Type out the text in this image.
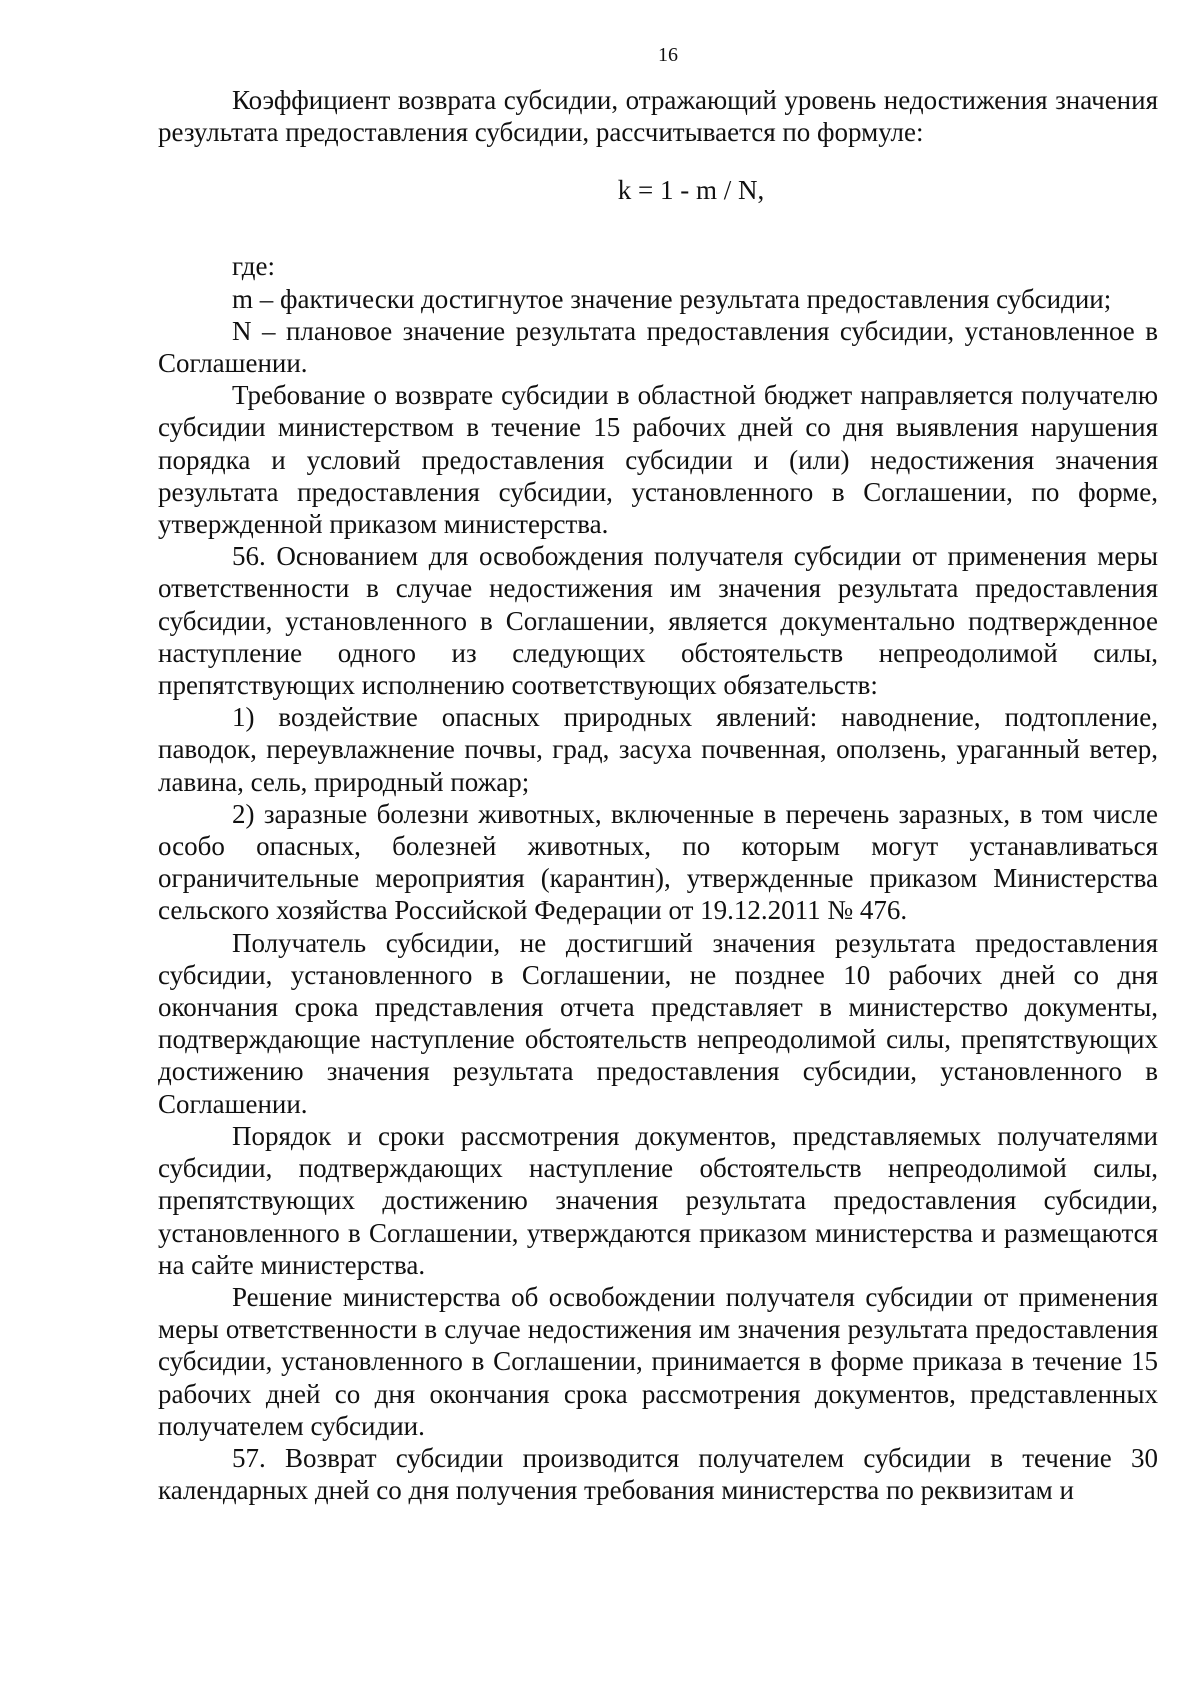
16

Коэффициент возврата субсидии, отражающий уровень недостижения значения результата предоставления субсидии, рассчитывается по формуле:

k = 1 - m / N,

где:

m – фактически достигнутое значение результата предоставления субсидии;

N – плановое значение результата предоставления субсидии, установленное в Соглашении.

Требование о возврате субсидии в областной бюджет направляется получателю субсидии министерством в течение 15 рабочих дней со дня выявления нарушения порядка и условий предоставления субсидии и (или) недостижения значения результата предоставления субсидии, установленного в Соглашении, по форме, утвержденной приказом министерства.

56. Основанием для освобождения получателя субсидии от применения меры ответственности в случае недостижения им значения результата предоставления субсидии, установленного в Соглашении, является документально подтвержденное наступление одного из следующих обстоятельств непреодолимой силы, препятствующих исполнению соответствующих обязательств:

1) воздействие опасных природных явлений: наводнение, подтопление, паводок, переувлажнение почвы, град, засуха почвенная, оползень, ураганный ветер, лавина, сель, природный пожар;

2) заразные болезни животных, включенные в перечень заразных, в том числе особо опасных, болезней животных, по которым могут устанавливаться ограничительные мероприятия (карантин), утвержденные приказом Министерства сельского хозяйства Российской Федерации от 19.12.2011 № 476.

Получатель субсидии, не достигший значения результата предоставления субсидии, установленного в Соглашении, не позднее 10 рабочих дней со дня окончания срока представления отчета представляет в министерство документы, подтверждающие наступление обстоятельств непреодолимой силы, препятствующих достижению значения результата предоставления субсидии, установленного в Соглашении.

Порядок и сроки рассмотрения документов, представляемых получателями субсидии, подтверждающих наступление обстоятельств непреодолимой силы, препятствующих достижению значения результата предоставления субсидии, установленного в Соглашении, утверждаются приказом министерства и размещаются на сайте министерства.

Решение министерства об освобождении получателя субсидии от применения меры ответственности в случае недостижения им значения результата предоставления субсидии, установленного в Соглашении, принимается в форме приказа в течение 15 рабочих дней со дня окончания срока рассмотрения документов, представленных получателем субсидии.

57. Возврат субсидии производится получателем субсидии в течение 30 календарных дней со дня получения требования министерства по реквизитам и
